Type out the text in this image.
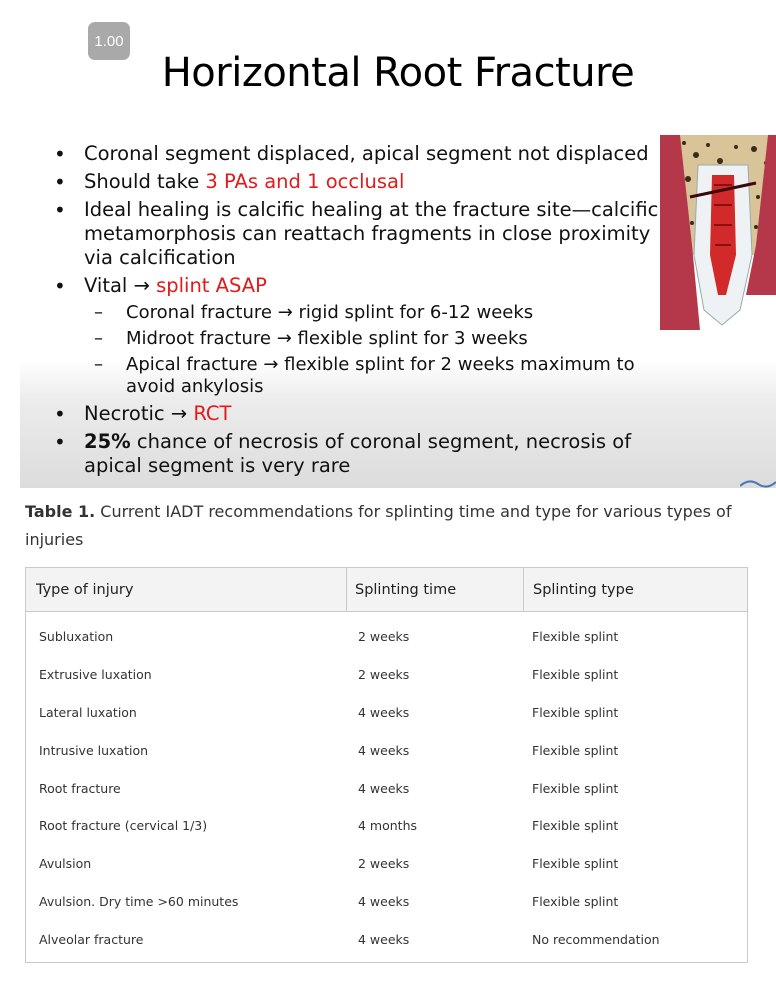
1.00
Horizontal Root Fracture
• Coronal segment displaced, apical segment not displaced
• Should take 3 PAs and 1 occlusal
• Ideal healing is calcific healing at the fracture site—calcific metamorphosis can reattach fragments in close proximity via calcification
• Vital → splint ASAP
– Coronal fracture → rigid splint for 6-12 weeks
– Midroot fracture → flexible splint for 3 weeks
– Apical fracture → flexible splint for 2 weeks maximum to avoid ankylosis
• Necrotic → RCT
• 25% chance of necrosis of coronal segment, necrosis of apical segment is very rare
Table 1. Current IADT recommendations for splinting time and type for various types of injuries
Type of injury	Splinting time	Splinting type
Subluxation	2 weeks	Flexible splint
Extrusive luxation	2 weeks	Flexible splint
Lateral luxation	4 weeks	Flexible splint
Intrusive luxation	4 weeks	Flexible splint
Root fracture	4 weeks	Flexible splint
Root fracture (cervical 1/3)	4 months	Flexible splint
Avulsion	2 weeks	Flexible splint
Avulsion. Dry time >60 minutes	4 weeks	Flexible splint
Alveolar fracture	4 weeks	No recommendation
